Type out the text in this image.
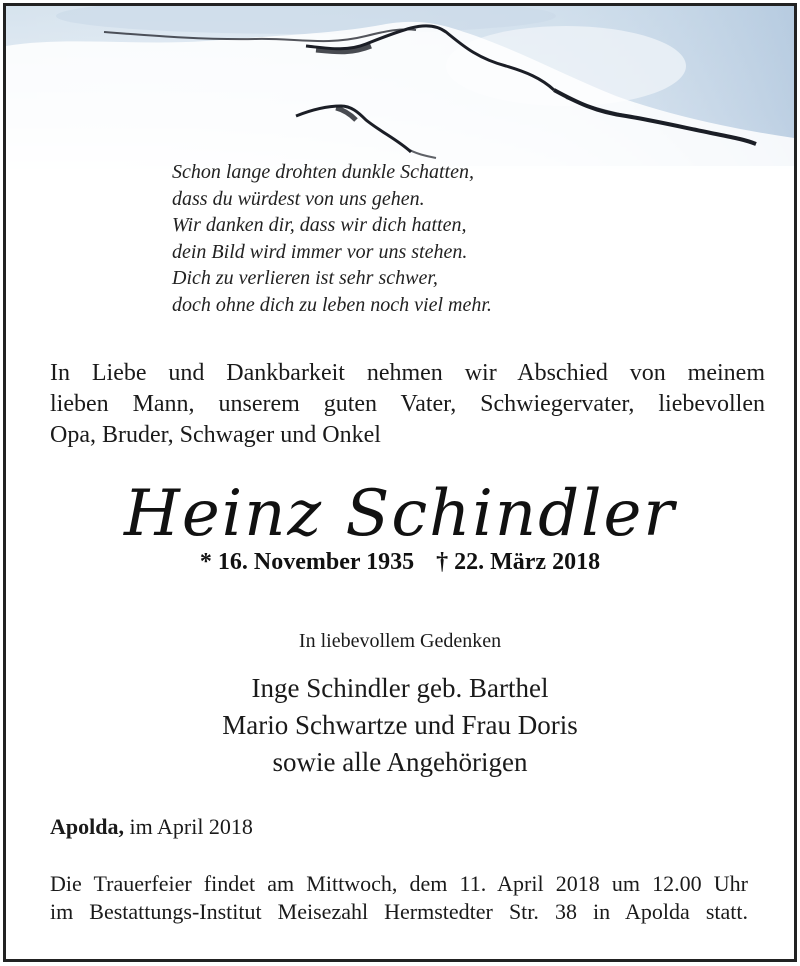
Schon lange drohten dunkle Schatten,
dass du würdest von uns gehen.
Wir danken dir, dass wir dich hatten,
dein Bild wird immer vor uns stehen.
Dich zu verlieren ist sehr schwer,
doch ohne dich zu leben noch viel mehr.
In Liebe und Dankbarkeit nehmen wir Abschied von meinem
lieben Mann, unserem guten Vater, Schwiegervater, liebevollen
Opa, Bruder, Schwager und Onkel
Heinz Schindler
* 16. November 1935 † 22. März 2018
In liebevollem Gedenken
Inge Schindler geb. Barthel
Mario Schwartze und Frau Doris
sowie alle Angehörigen
Apolda, im April 2018
Die Trauerfeier findet am Mittwoch, dem 11. April 2018 um 12.00 Uhr
im Bestattungs-Institut Meisezahl Hermstedter Str. 38 in Apolda statt.
